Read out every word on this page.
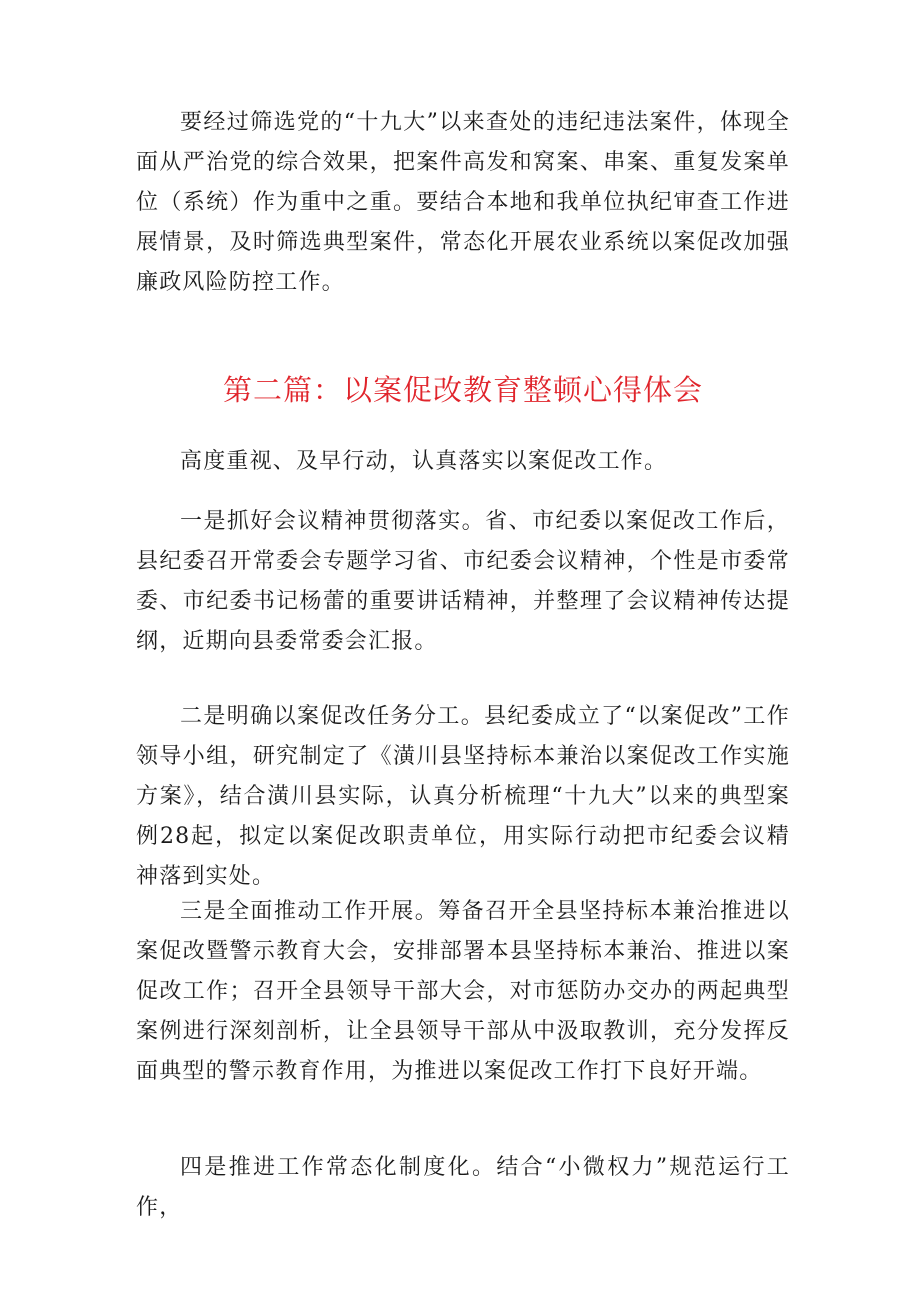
要经过筛选党的“十九大”以来查处的违纪违法案件，体现全面从严治党的综合效果，把案件高发和窝案、串案、重复发案单位（系统）作为重中之重。要结合本地和我单位执纪审查工作进展情景，及时筛选典型案件，常态化开展农业系统以案促改加强廉政风险防控工作。

第二篇：以案促改教育整顿心得体会

高度重视、及早行动，认真落实以案促改工作。

一是抓好会议精神贯彻落实。省、市纪委以案促改工作后，县纪委召开常委会专题学习省、市纪委会议精神，个性是市委常委、市纪委书记杨蕾的重要讲话精神，并整理了会议精神传达提纲，近期向县委常委会汇报。

二是明确以案促改任务分工。县纪委成立了“以案促改”工作领导小组，研究制定了《潢川县坚持标本兼治以案促改工作实施方案》，结合潢川县实际，认真分析梳理“十九大”以来的典型案例28起，拟定以案促改职责单位，用实际行动把市纪委会议精神落到实处。

三是全面推动工作开展。筹备召开全县坚持标本兼治推进以案促改暨警示教育大会，安排部署本县坚持标本兼治、推进以案促改工作；召开全县领导干部大会，对市惩防办交办的两起典型案例进行深刻剖析，让全县领导干部从中汲取教训，充分发挥反面典型的警示教育作用，为推进以案促改工作打下良好开端。

四是推进工作常态化制度化。结合“小微权力”规范运行工作，
